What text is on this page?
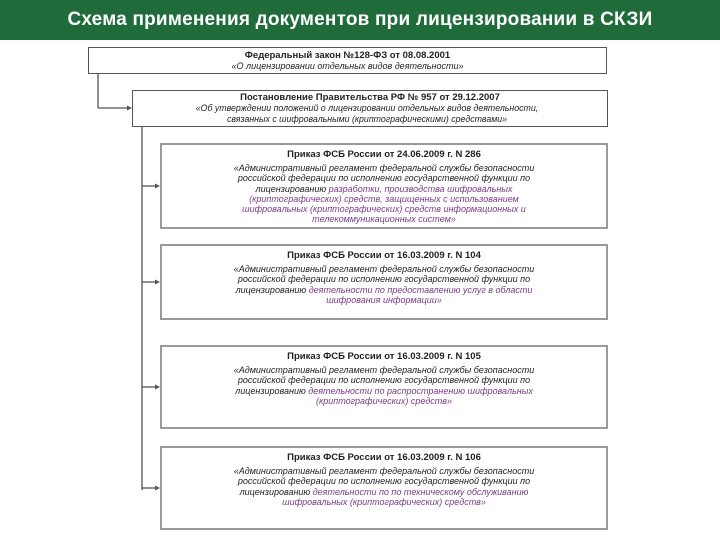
Схема применения документов при лицензировании в СКЗИ
Федеральный закон №128-ФЗ от 08.08.2001
«О лицензировании отдельных видов деятельности»
Постановление Правительства РФ № 957 от 29.12.2007
«Об утверждении положений о лицензировании отдельных видов деятельности,
связанных с шифровальными (криптографическими) средствами»
Приказ ФСБ России от 24.06.2009 г. N 286
«Административный регламент федеральной службы безопасности
российской федерации по исполнению государственной функции по
лицензированию разработки, производства шифровальных
(криптографических) средств, защищенных с использованием
шифровальных (криптографических) средств информационных и
телекоммуникационных систем»
Приказ ФСБ России от 16.03.2009 г. N 104
«Административный регламент федеральной службы безопасности
российской федерации по исполнению государственной функции по
лицензированию деятельности по предоставлению услуг в области
шифрования информации»
Приказ ФСБ России от 16.03.2009 г. N 105
«Административный регламент федеральной службы безопасности
российской федерации по исполнению государственной функции по
лицензированию деятельности по распространению шифровальных
(криптографических) средств»
Приказ ФСБ России от 16.03.2009 г. N 106
«Административный регламент федеральной службы безопасности
российской федерации по исполнению государственной функции по
лицензированию деятельности по по техническому обслуживанию
шифровальных (криптографических) средств»
